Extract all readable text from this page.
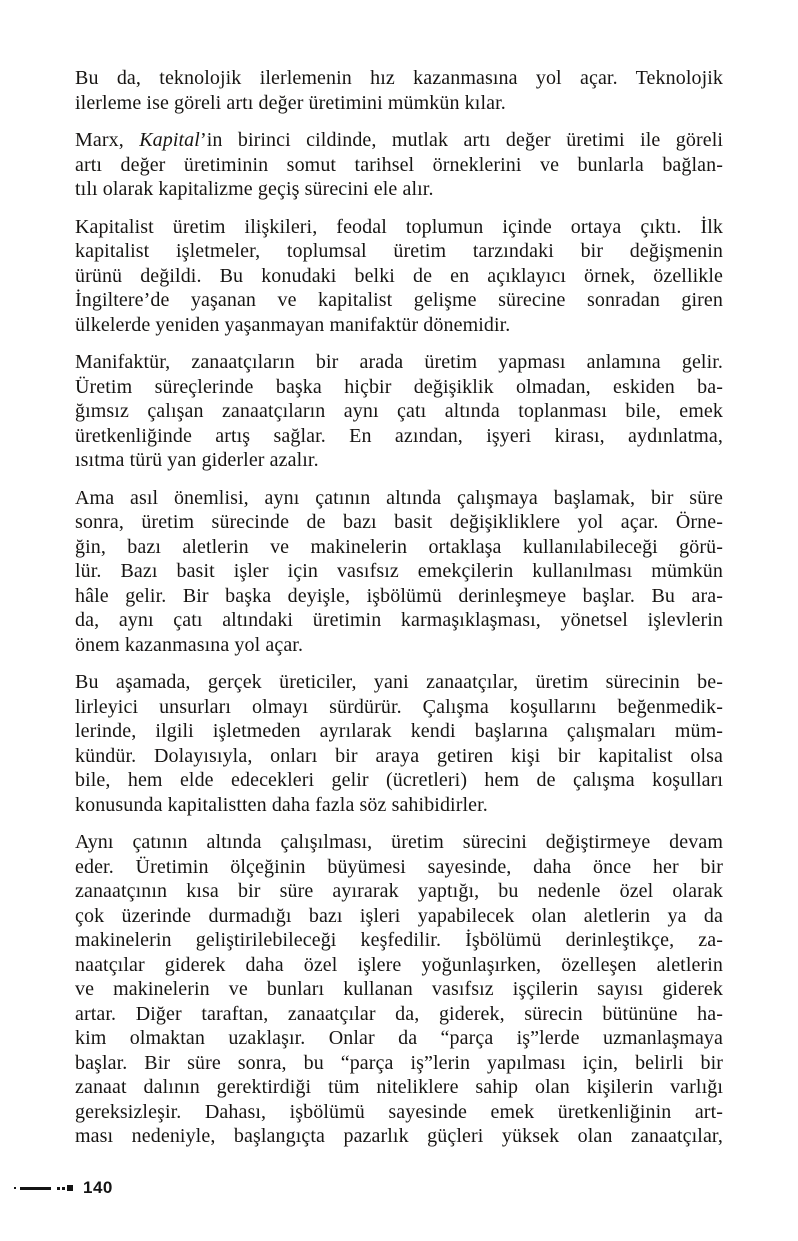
Bu da, teknolojik ilerlemenin hız kazanmasına yol açar. Teknolojik
ilerleme ise göreli artı değer üretimini mümkün kılar.

Marx, Kapital’in birinci cildinde, mutlak artı değer üretimi ile göreli
artı değer üretiminin somut tarihsel örneklerini ve bunlarla bağlan-
tılı olarak kapitalizme geçiş sürecini ele alır.

Kapitalist üretim ilişkileri, feodal toplumun içinde ortaya çıktı. İlk
kapitalist işletmeler, toplumsal üretim tarzındaki bir değişmenin
ürünü değildi. Bu konudaki belki de en açıklayıcı örnek, özellikle
İngiltere’de yaşanan ve kapitalist gelişme sürecine sonradan giren
ülkelerde yeniden yaşanmayan manifaktür dönemidir.

Manifaktür, zanaatçıların bir arada üretim yapması anlamına gelir.
Üretim süreçlerinde başka hiçbir değişiklik olmadan, eskiden ba-
ğımsız çalışan zanaatçıların aynı çatı altında toplanması bile, emek
üretkenliğinde artış sağlar. En azından, işyeri kirası, aydınlatma,
ısıtma türü yan giderler azalır.

Ama asıl önemlisi, aynı çatının altında çalışmaya başlamak, bir süre
sonra, üretim sürecinde de bazı basit değişikliklere yol açar. Örne-
ğin, bazı aletlerin ve makinelerin ortaklaşa kullanılabileceği görü-
lür. Bazı basit işler için vasıfsız emekçilerin kullanılması mümkün
hâle gelir. Bir başka deyişle, işbölümü derinleşmeye başlar. Bu ara-
da, aynı çatı altındaki üretimin karmaşıklaşması, yönetsel işlevlerin
önem kazanmasına yol açar.

Bu aşamada, gerçek üreticiler, yani zanaatçılar, üretim sürecinin be-
lirleyici unsurları olmayı sürdürür. Çalışma koşullarını beğenmedik-
lerinde, ilgili işletmeden ayrılarak kendi başlarına çalışmaları müm-
kündür. Dolayısıyla, onları bir araya getiren kişi bir kapitalist olsa
bile, hem elde edecekleri gelir (ücretleri) hem de çalışma koşulları
konusunda kapitalistten daha fazla söz sahibidirler.

Aynı çatının altında çalışılması, üretim sürecini değiştirmeye devam
eder. Üretimin ölçeğinin büyümesi sayesinde, daha önce her bir
zanaatçının kısa bir süre ayırarak yaptığı, bu nedenle özel olarak
çok üzerinde durmadığı bazı işleri yapabilecek olan aletlerin ya da
makinelerin geliştirilebileceği keşfedilir. İşbölümü derinleştikçe, za-
naatçılar giderek daha özel işlere yoğunlaşırken, özelleşen aletlerin
ve makinelerin ve bunları kullanan vasıfsız işçilerin sayısı giderek
artar. Diğer taraftan, zanaatçılar da, giderek, sürecin bütününe ha-
kim olmaktan uzaklaşır. Onlar da “parça iş”lerde uzmanlaşmaya
başlar. Bir süre sonra, bu “parça iş”lerin yapılması için, belirli bir
zanaat dalının gerektirdiği tüm niteliklere sahip olan kişilerin varlığı
gereksizleşir. Dahası, işbölümü sayesinde emek üretkenliğinin art-
ması nedeniyle, başlangıçta pazarlık güçleri yüksek olan zanaatçılar,

140
